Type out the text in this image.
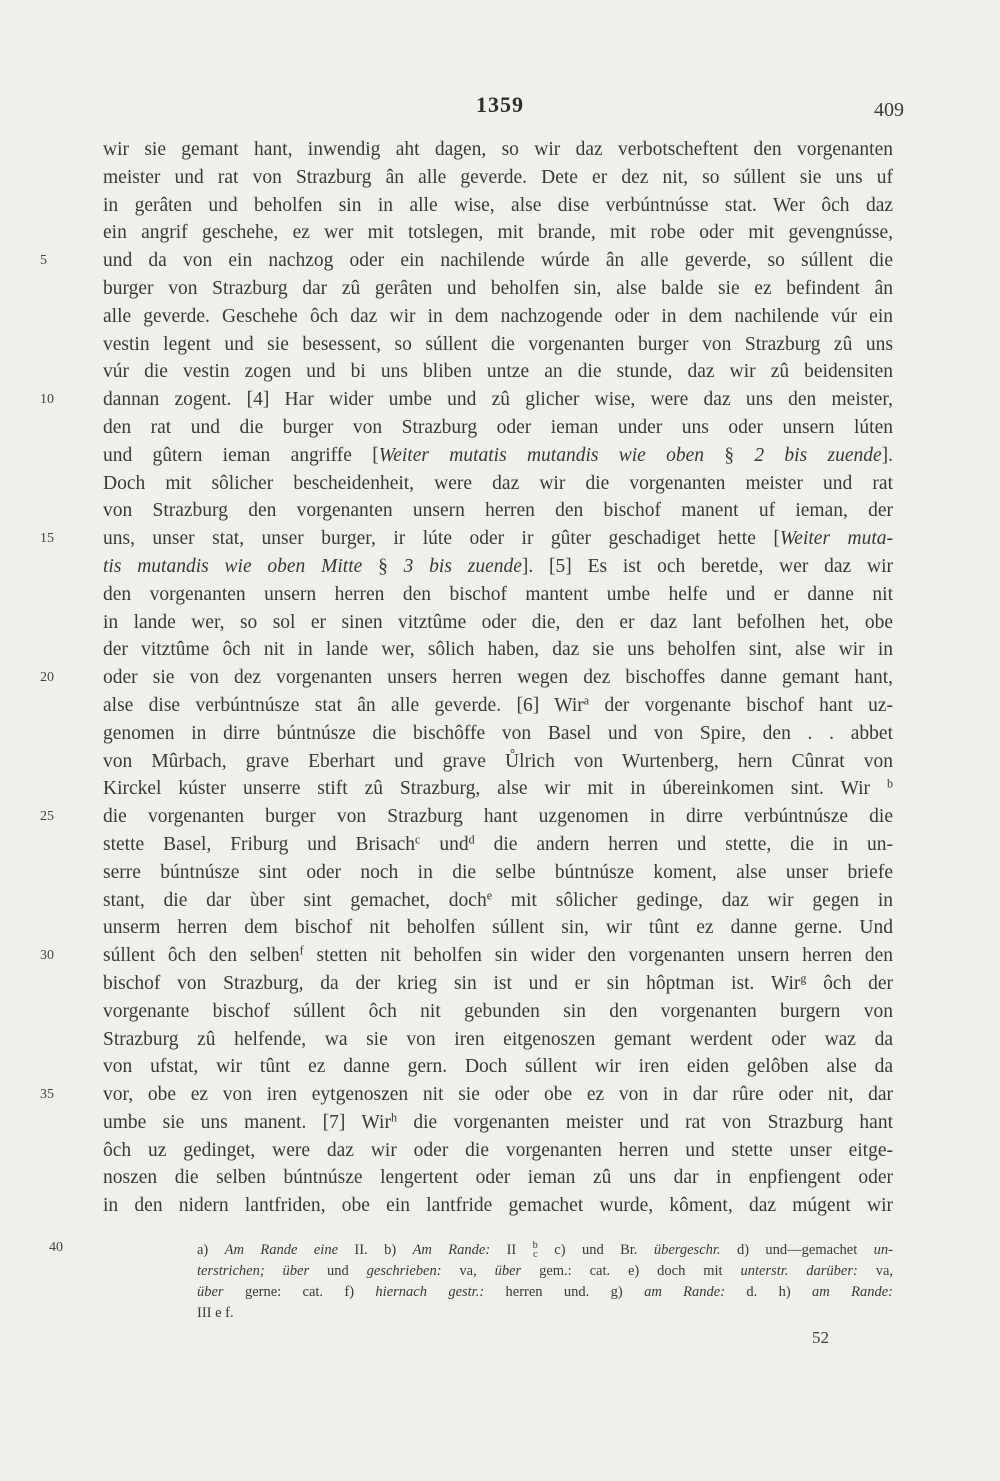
1359	409
wir sie gemant hant, inwendig aht dagen, so wir daz verbotscheftent den vorgenanten
meister und rat von Strazburg ân alle geverde. Dete er dez nit, so súllent sie uns uf
in gerâten und beholfen sin in alle wise, alse dise verbúntnússe stat. Wer ôch daz
ein angrif geschehe, ez wer mit totslegen, mit brande, mit robe oder mit gevengnússe,
5	und da von ein nachzog oder ein nachilende wúrde ân alle geverde, so súllent die
burger von Strazburg dar zû gerâten und beholfen sin, alse balde sie ez befindent ân
alle geverde. Geschehe ôch daz wir in dem nachzogende oder in dem nachilende vúr ein
vestin legent und sie besessent, so súllent die vorgenanten burger von Strazburg zû uns
vúr die vestin zogen und bi uns bliben untze an die stunde, daz wir zû beidensiten
10	dannan zogent. [4] Har wider umbe und zû glicher wise, were daz uns den meister,
den rat und die burger von Strazburg oder ieman under uns oder unsern lúten
und gûtern ieman angriffe [Weiter mutatis mutandis wie oben § 2 bis zuende].
Doch mit sôlicher bescheidenheit, were daz wir die vorgenanten meister und rat
von Strazburg den vorgenanten unsern herren den bischof manent uf ieman, der
15	uns, unser stat, unser burger, ir lúte oder ir gûter geschadiget hette [Weiter muta-
tis mutandis wie oben Mitte § 3 bis zuende]. [5] Es ist och beretde, wer daz wir
den vorgenanten unsern herren den bischof mantent umbe helfe und er danne nit
in lande wer, so sol er sinen vitztûme oder die, den er daz lant befolhen het, obe
der vitztûme ôch nit in lande wer, sôlich haben, daz sie uns beholfen sint, alse wir in
20	oder sie von dez vorgenanten unsers herren wegen dez bischoffes danne gemant hant,
alse dise verbúntnúsze stat ân alle geverde. [6] Wir$^a$ der vorgenante bischof hant uz-
genomen in dirre búntnúsze die bischôffe von Basel und von Spire, den . . abbet
von Mûrbach, grave Eberhart und grave Ůlrich von Wurtenberg, hern Cûnrat von
Kirckel kúster unserre stift zû Strazburg, alse wir mit in úbereinkomen sint. Wir $^b$
25	die vorgenanten burger von Strazburg hant uzgenomen in dirre verbúntnúsze die
stette Basel, Friburg und Brisach$^c$ und$^d$ die andern herren und stette, die in un-
serre búntnúsze sint oder noch in die selbe búntnúsze koment, alse unser briefe
stant, die dar ùber sint gemachet, doch$^e$ mit sôlicher gedinge, daz wir gegen in
unserm herren dem bischof nit beholfen súllent sin, wir tûnt ez danne gerne. Und
30	súllent ôch den selben$^f$ stetten nit beholfen sin wider den vorgenanten unsern herren den
bischof von Strazburg, da der krieg sin ist und er sin hôptman ist. Wir$^g$ ôch der
vorgenante bischof súllent ôch nit gebunden sin den vorgenanten burgern von
Strazburg zû helfende, wa sie von iren eitgenoszen gemant werdent oder waz da
von ufstat, wir tûnt ez danne gern. Doch súllent wir iren eiden gelôben alse da
35	vor, obe ez von iren eytgenoszen nit sie oder obe ez von in dar rûre oder nit, dar
umbe sie uns manent. [7] Wir$^h$ die vorgenanten meister und rat von Strazburg hant
ôch uz gedinget, were daz wir oder die vorgenanten herren und stette unser eitge-
noszen die selben búntnúsze lengertent oder ieman zû uns dar in enpfiengent oder
in den nidern lantfriden, obe ein lantfride gemachet wurde, kôment, daz múgent wir
40	a) Am Rande eine II. b) Am Rande: II b
c c) und Br. übergeschr. d) und—gemachet un-
terstrichen; über und geschrieben: va, über gem.: cat. e) doch mit unterstr. darüber: va,
über gerne: cat. f) hiernach gestr.: herren und. g) am Rande: d. h) am Rande:
III e f.
52
